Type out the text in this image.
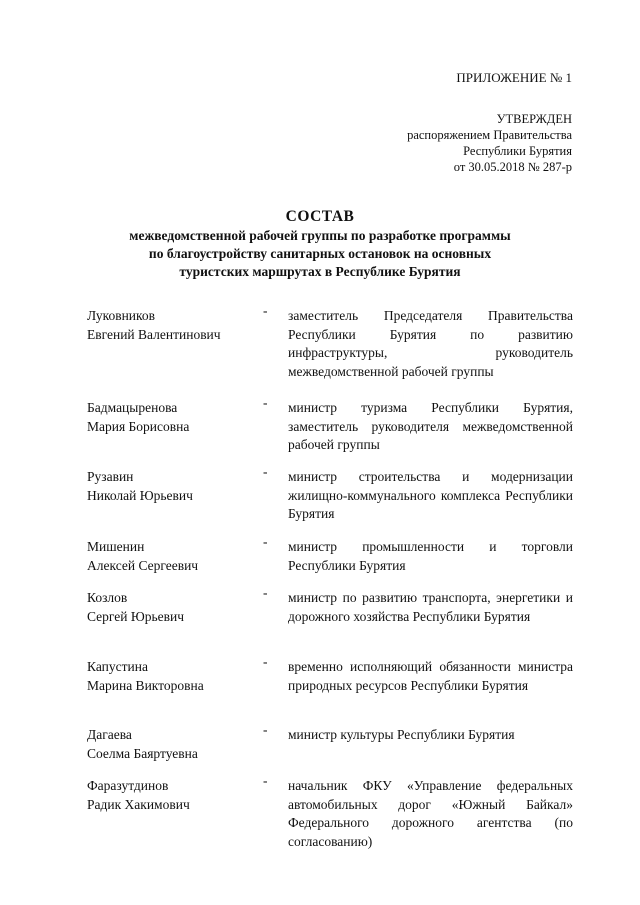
ПРИЛОЖЕНИЕ № 1

УТВЕРЖДЕН
распоряжением Правительства
Республики Бурятия
от 30.05.2018 № 287-р
СОСТАВ
межведомственной рабочей группы по разработке программы
по благоустройству санитарных остановок на основных
туристских маршрутах в Республике Бурятия
Луковников
Евгений Валентинович
- заместитель Председателя Правительства Республики Бурятия по развитию инфраструктуры, руководитель межведомственной рабочей группы
Бадмацыренова
Мария Борисовна
- министр туризма Республики Бурятия, заместитель руководителя межведомственной рабочей группы
Рузавин
Николай Юрьевич
- министр строительства и модернизации жилищно-коммунального комплекса Республики Бурятия
Мишенин
Алексей Сергеевич
- министр промышленности и торговли Республики Бурятия
Козлов
Сергей Юрьевич
- министр по развитию транспорта, энергетики и дорожного хозяйства Республики Бурятия
Капустина
Марина Викторовна
- временно исполняющий обязанности министра природных ресурсов Республики Бурятия
Дагаева
Соелма Баяртуевна
- министр культуры Республики Бурятия
Фаразутдинов
Радик Хакимович
- начальник ФКУ «Управление федеральных автомобильных дорог «Южный Байкал» Федерального дорожного агентства (по согласованию)
